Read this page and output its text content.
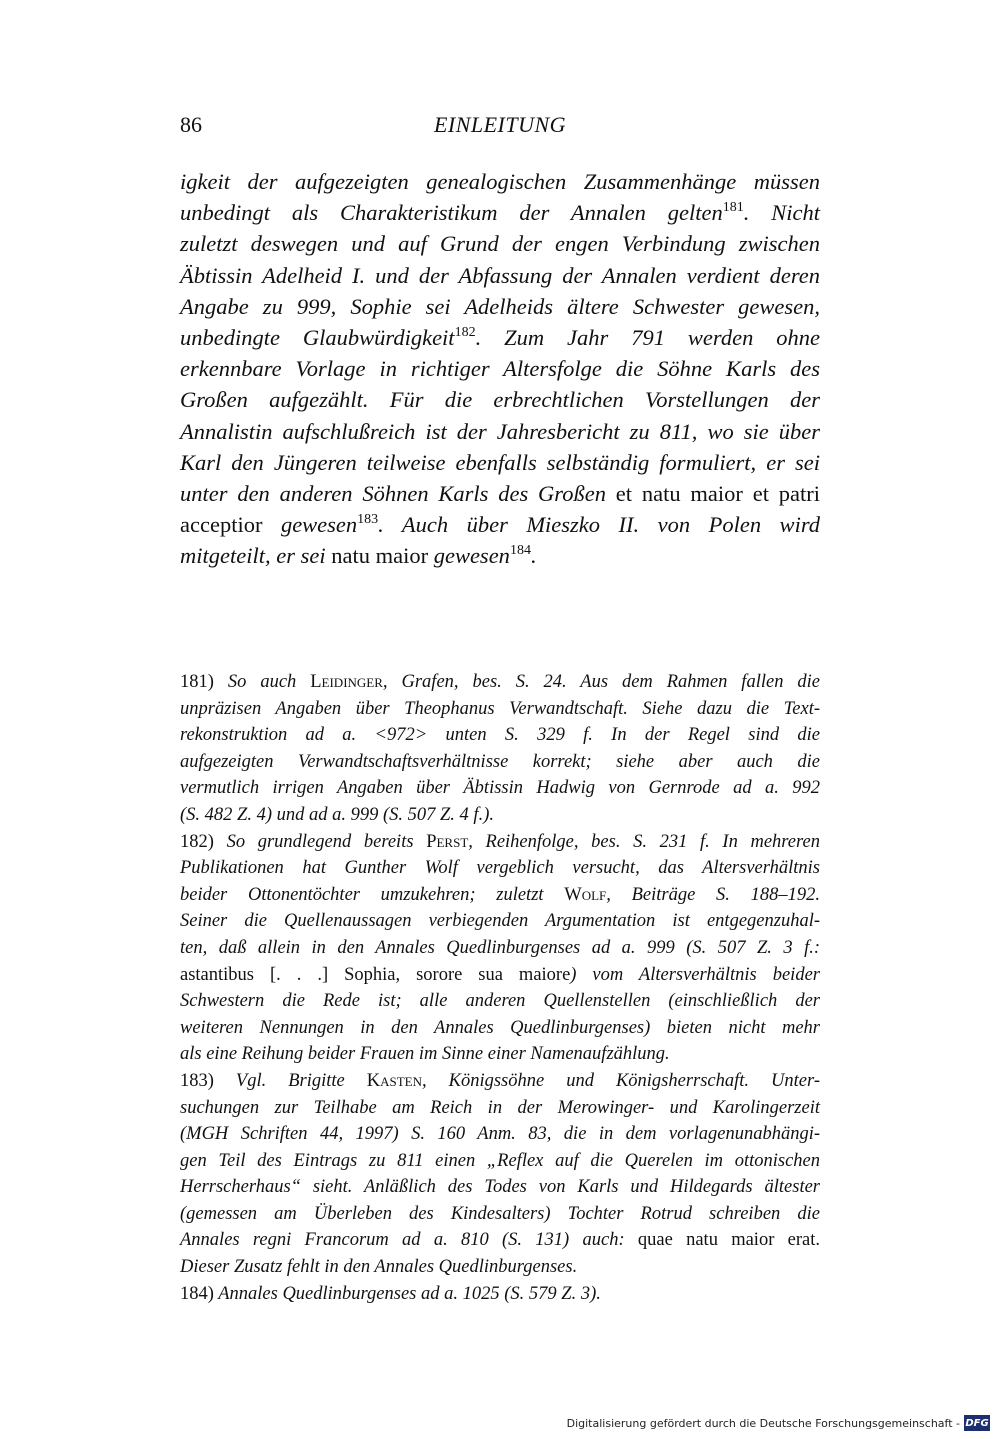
86	EINLEITUNG
igkeit der aufgezeigten genealogischen Zusammenhänge müssen
unbedingt als Charakteristikum der Annalen gelten$^{181}$. Nicht
zuletzt deswegen und auf Grund der engen Verbindung zwischen
Äbtissin Adelheid I. und der Abfassung der Annalen verdient deren
Angabe zu 999, Sophie sei Adelheids ältere Schwester gewesen,
unbedingte Glaubwürdigkeit$^{182}$. Zum Jahr 791 werden ohne
erkennbare Vorlage in richtiger Altersfolge die Söhne Karls des
Großen aufgezählt. Für die erbrechtlichen Vorstellungen der
Annalistin aufschlußreich ist der Jahresbericht zu 811, wo sie über
Karl den Jüngeren teilweise ebenfalls selbständig formuliert, er sei
unter den anderen Söhnen Karls des Großen et natu maior et patri
acceptior gewesen$^{183}$. Auch über Mieszko II. von Polen wird
mitgeteilt, er sei natu maior gewesen$^{184}$.
181) So auch Leidinger, Grafen, bes. S. 24. Aus dem Rahmen fallen die
unpräzisen Angaben über Theophanus Verwandtschaft. Siehe dazu die Text-
rekonstruktion ad a. <972> unten S. 329 f. In der Regel sind die
aufgezeigten Verwandtschaftsverhältnisse korrekt; siehe aber auch die
vermutlich irrigen Angaben über Äbtissin Hadwig von Gernrode ad a. 992
(S. 482 Z. 4) und ad a. 999 (S. 507 Z. 4 f.).
182) So grundlegend bereits Perst, Reihenfolge, bes. S. 231 f. In mehreren
Publikationen hat Gunther Wolf vergeblich versucht, das Altersverhältnis
beider Ottonentöchter umzukehren; zuletzt Wolf, Beiträge S. 188–192.
Seiner die Quellenaussagen verbiegenden Argumentation ist entgegenzuhal-
ten, daß allein in den Annales Quedlinburgenses ad a. 999 (S. 507 Z. 3 f.:
astantibus [. . .] Sophia, sorore sua maiore) vom Altersverhältnis beider
Schwestern die Rede ist; alle anderen Quellenstellen (einschließlich der
weiteren Nennungen in den Annales Quedlinburgenses) bieten nicht mehr
als eine Reihung beider Frauen im Sinne einer Namenaufzählung.
183) Vgl. Brigitte Kasten, Königssöhne und Königsherrschaft. Unter-
suchungen zur Teilhabe am Reich in der Merowinger- und Karolingerzeit
(MGH Schriften 44, 1997) S. 160 Anm. 83, die in dem vorlagenunabhängi-
gen Teil des Eintrags zu 811 einen „Reflex auf die Querelen im ottonischen
Herrscherhaus“ sieht. Anläßlich des Todes von Karls und Hildegards ältester
(gemessen am Überleben des Kindesalters) Tochter Rotrud schreiben die
Annales regni Francorum ad a. 810 (S. 131) auch: quae natu maior erat.
Dieser Zusatz fehlt in den Annales Quedlinburgenses.
184) Annales Quedlinburgenses ad a. 1025 (S. 579 Z. 3).
Digitalisierung gefördert durch die Deutsche Forschungsgemeinschaft - DFG
